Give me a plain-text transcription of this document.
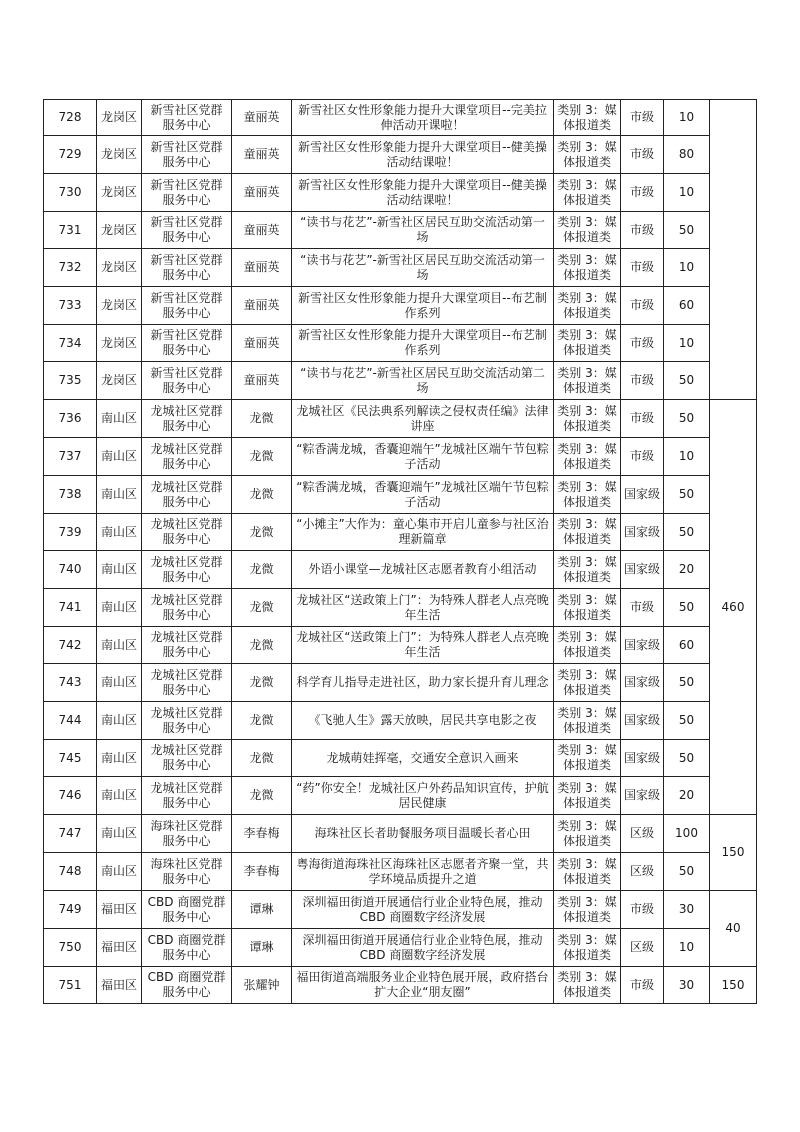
728	龙岗区	新雪社区党群服务中心	童丽英	新雪社区女性形象能力提升大课堂项目--完美拉伸活动开课啦！	类别 3：媒体报道类	市级	10	
729	龙岗区	新雪社区党群服务中心	童丽英	新雪社区女性形象能力提升大课堂项目--健美操活动结课啦！	类别 3：媒体报道类	市级	80	
730	龙岗区	新雪社区党群服务中心	童丽英	新雪社区女性形象能力提升大课堂项目--健美操活动结课啦！	类别 3：媒体报道类	市级	10	
731	龙岗区	新雪社区党群服务中心	童丽英	“读书与花艺”-新雪社区居民互助交流活动第一场	类别 3：媒体报道类	市级	50	
732	龙岗区	新雪社区党群服务中心	童丽英	“读书与花艺”-新雪社区居民互助交流活动第一场	类别 3：媒体报道类	市级	10	
733	龙岗区	新雪社区党群服务中心	童丽英	新雪社区女性形象能力提升大课堂项目--布艺制作系列	类别 3：媒体报道类	市级	60	
734	龙岗区	新雪社区党群服务中心	童丽英	新雪社区女性形象能力提升大课堂项目--布艺制作系列	类别 3：媒体报道类	市级	10	
735	龙岗区	新雪社区党群服务中心	童丽英	“读书与花艺”-新雪社区居民互助交流活动第二场	类别 3：媒体报道类	市级	50	
736	南山区	龙城社区党群服务中心	龙微	龙城社区《民法典系列解读之侵权责任编》法律讲座	类别 3：媒体报道类	市级	50	460
737	南山区	龙城社区党群服务中心	龙微	“粽香满龙城，香囊迎端午”龙城社区端午节包粽子活动	类别 3：媒体报道类	市级	10	
738	南山区	龙城社区党群服务中心	龙微	“粽香满龙城，香囊迎端午”龙城社区端午节包粽子活动	类别 3：媒体报道类	国家级	50	
739	南山区	龙城社区党群服务中心	龙微	“小摊主”大作为：童心集市开启儿童参与社区治理新篇章	类别 3：媒体报道类	国家级	50	
740	南山区	龙城社区党群服务中心	龙微	外语小课堂—龙城社区志愿者教育小组活动	类别 3：媒体报道类	国家级	20	
741	南山区	龙城社区党群服务中心	龙微	龙城社区“送政策上门”：为特殊人群老人点亮晚年生活	类别 3：媒体报道类	市级	50	
742	南山区	龙城社区党群服务中心	龙微	龙城社区“送政策上门”：为特殊人群老人点亮晚年生活	类别 3：媒体报道类	国家级	60	
743	南山区	龙城社区党群服务中心	龙微	科学育儿指导走进社区，助力家长提升育儿理念	类别 3：媒体报道类	国家级	50	
744	南山区	龙城社区党群服务中心	龙微	《飞驰人生》露天放映，居民共享电影之夜	类别 3：媒体报道类	国家级	50	
745	南山区	龙城社区党群服务中心	龙微	龙城萌娃挥毫，交通安全意识入画来	类别 3：媒体报道类	国家级	50	
746	南山区	龙城社区党群服务中心	龙微	“药”你安全！龙城社区户外药品知识宣传，护航居民健康	类别 3：媒体报道类	国家级	20	
747	南山区	海珠社区党群服务中心	李春梅	海珠社区长者助餐服务项目温暖长者心田	类别 3：媒体报道类	区级	100	150
748	南山区	海珠社区党群服务中心	李春梅	粤海街道海珠社区海珠社区志愿者齐聚一堂，共学环境品质提升之道	类别 3：媒体报道类	区级	50	
749	福田区	CBD 商圈党群服务中心	谭琳	深圳福田街道开展通信行业企业特色展，推动CBD 商圈数字经济发展	类别 3：媒体报道类	市级	30	40
750	福田区	CBD 商圈党群服务中心	谭琳	深圳福田街道开展通信行业企业特色展，推动CBD 商圈数字经济发展	类别 3：媒体报道类	区级	10	
751	福田区	CBD 商圈党群服务中心	张耀钟	福田街道高端服务业企业特色展开展，政府搭台扩大企业“朋友圈”	类别 3：媒体报道类	市级	30	150
